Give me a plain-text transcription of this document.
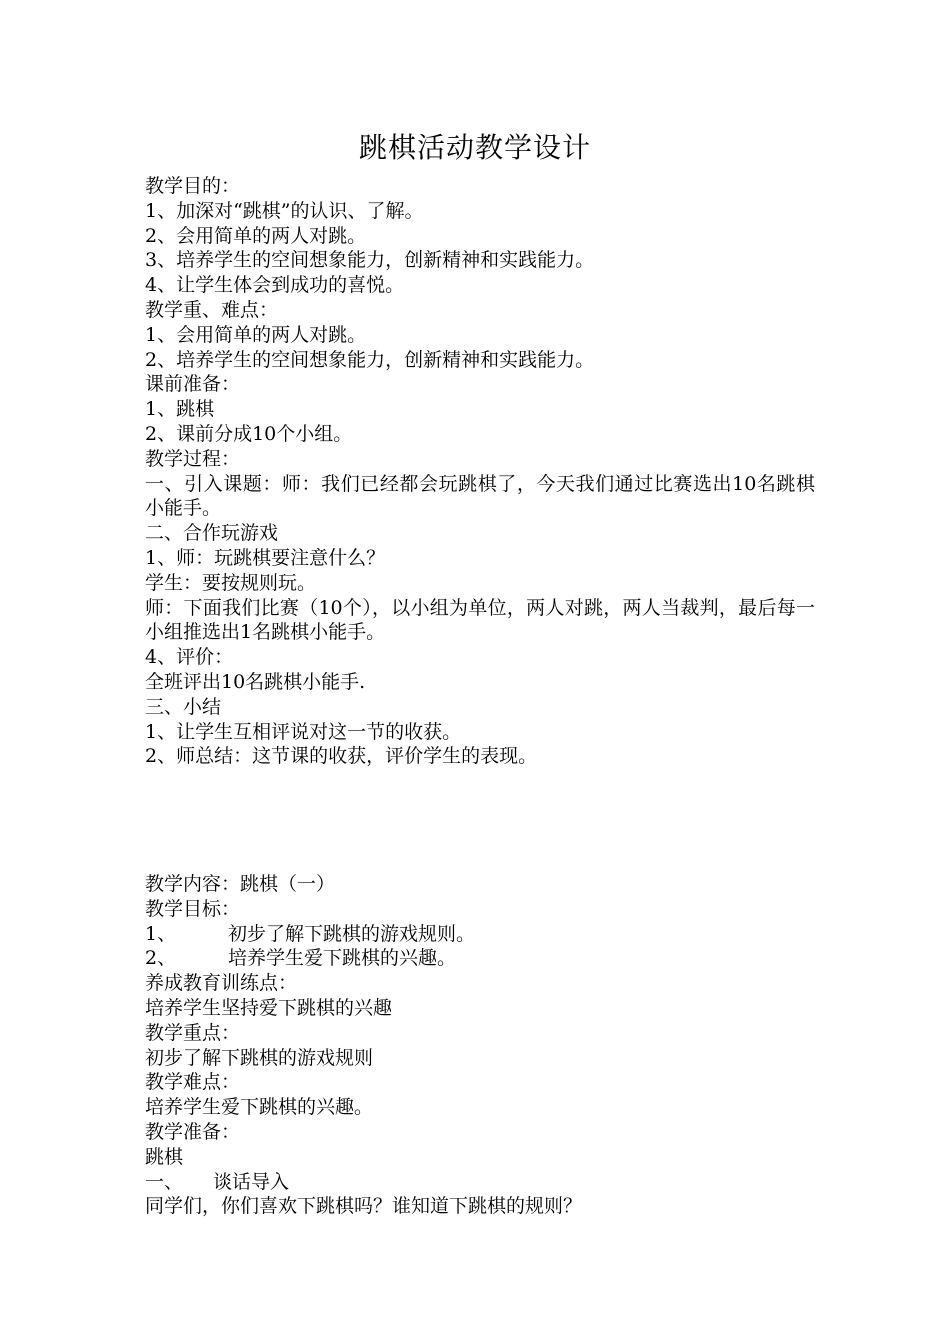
跳棋活动教学设计
教学目的：
1、加深对“跳棋”的认识、了解。
2、会用简单的两人对跳。
3、培养学生的空间想象能力，创新精神和实践能力。
4、让学生体会到成功的喜悦。
教学重、难点：
1、会用简单的两人对跳。
2、培养学生的空间想象能力，创新精神和实践能力。
课前准备：
1、跳棋
2、课前分成10个小组。
教学过程：
一、引入课题：师：我们已经都会玩跳棋了，今天我们通过比赛选出10名跳棋小能手。
二、合作玩游戏
1、师：玩跳棋要注意什么？
学生：要按规则玩。
师：下面我们比赛（10个），以小组为单位，两人对跳，两人当裁判，最后每一小组推选出1名跳棋小能手。
4、评价：
全班评出10名跳棋小能手.
三、小结
1、让学生互相评说对这一节的收获。
2、师总结：这节课的收获，评价学生的表现。
教学内容：跳棋（一）
教学目标：
1、	初步了解下跳棋的游戏规则。
2、	培养学生爱下跳棋的兴趣。
养成教育训练点：
培养学生坚持爱下跳棋的兴趣
教学重点：
初步了解下跳棋的游戏规则
教学难点：
培养学生爱下跳棋的兴趣。
教学准备：
跳棋
一、	谈话导入
同学们，你们喜欢下跳棋吗？谁知道下跳棋的规则？
